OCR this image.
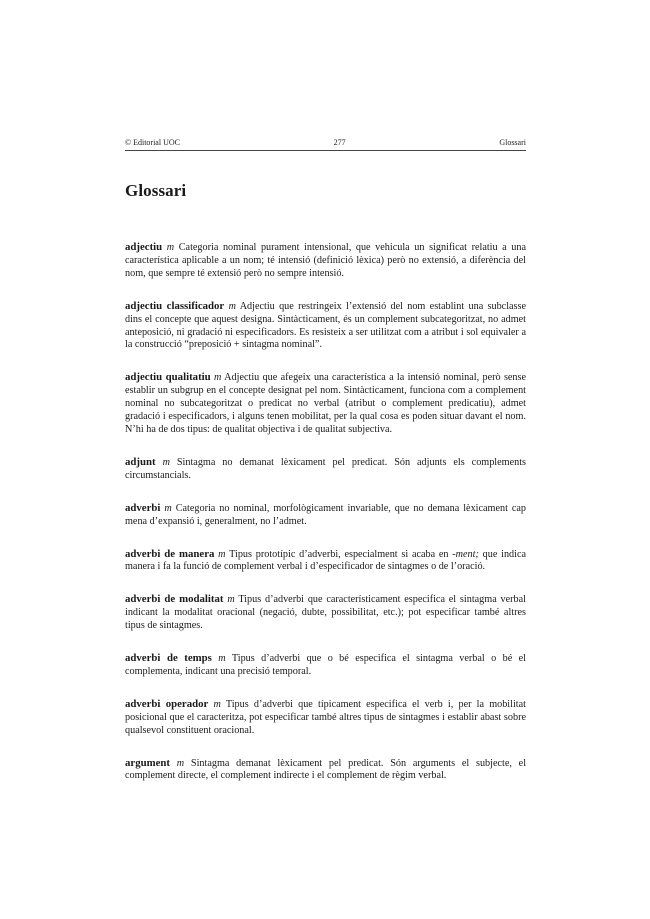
© Editorial UOC	277	Glossari
Glossari

adjectiu m Categoria nominal purament intensional, que vehicula un significat relatiu a una característica aplicable a un nom; té intensió (definició lèxica) però no extensió, a diferència del nom, que sempre té extensió però no sempre intensió.

adjectiu classificador m Adjectiu que restringeix l’extensió del nom establint una subclasse dins el concepte que aquest designa. Sintàcticament, és un complement subcategoritzat, no admet anteposició, ni gradació ni especificadors. Es resisteix a ser utilitzat com a atribut i sol equivaler a la construcció “preposició + sintagma nominal”.

adjectiu qualitatiu m Adjectiu que afegeix una característica a la intensió nominal, però sense establir un subgrup en el concepte designat pel nom. Sintàcticament, funciona com a complement nominal no subcategoritzat o predicat no verbal (atribut o complement predicatiu), admet gradació i especificadors, i alguns tenen mobilitat, per la qual cosa es poden situar davant el nom. N’hi ha de dos tipus: de qualitat objectiva i de qualitat subjectiva.

adjunt m Sintagma no demanat lèxicament pel predicat. Són adjunts els complements circumstancials.

adverbi m Categoria no nominal, morfològicament invariable, que no demana lèxicament cap mena d’expansió i, generalment, no l’admet.

adverbi de manera m Tipus prototípic d’adverbi, especialment si acaba en -ment; que indica manera i fa la funció de complement verbal i d’especificador de sintagmes o de l’oració.

adverbi de modalitat m Tipus d’adverbi que característicament especifica el sintagma verbal indicant la modalitat oracional (negació, dubte, possibilitat, etc.); pot especificar també altres tipus de sintagmes.

adverbi de temps m Tipus d’adverbi que o bé especifica el sintagma verbal o bé el complementa, indicant una precisió temporal.

adverbi operador m Tipus d’adverbi que típicament especifica el verb i, per la mobilitat posicional que el caracteritza, pot especificar també altres tipus de sintagmes i establir abast sobre qualsevol constituent oracional.

argument m Sintagma demanat lèxicament pel predicat. Són arguments el subjecte, el complement directe, el complement indirecte i el complement de règim verbal.
